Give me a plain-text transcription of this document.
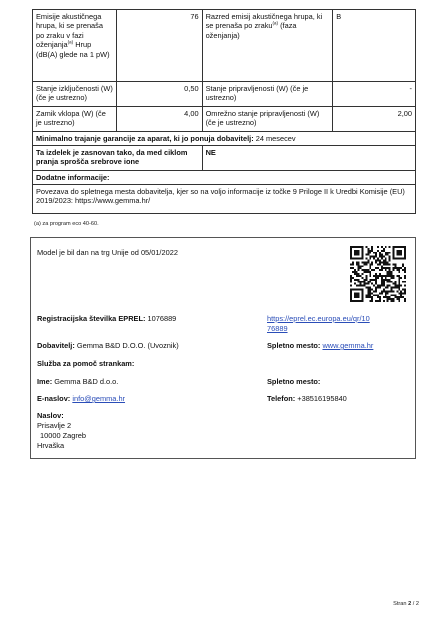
Emisije akustičnega hrupa, ki se prenaša po zraku v fazi oženjanja$^{(a)}$ Hrup (dB(A) glede na 1 pW)	76	Razred emisij akustičnega hrupa, ki se prenaša po zraku$^{(a)}$ (faza oženjanja)	B
Stanje izključenosti (W) (če je ustrezno)	0,50	Stanje pripravljenosti (W) (če je ustrezno)	-
Zamik vklopa (W) (če je ustrezno)	4,00	Omrežno stanje pripravljenosti (W) (če je ustrezno)	2,00
Minimalno trajanje garancije za aparat, ki jo ponuja dobavitelj: 24 mesecev			
Ta izdelek je zasnovan tako, da med ciklom pranja sprošča srebrove ione		NE	
Dodatne informacije:			
Povezava do spletnega mesta dobavitelja, kjer so na voljo informacije iz točke 9 Priloge II k Uredbi Komisije (EU) 2019/2023: https://www.gemma.hr/			
(a) za program eco 40-60.
Model je bil dan na trg Unije od 05/01/2022
Registracijska številka EPREL: 1076889	https://eprel.ec.europa.eu/qr/10
76889
Dobavitelj: Gemma B&D D.O.O. (Uvoznik)	Spletno mesto: www.gemma.hr
Služba za pomoč strankam:
Ime: Gemma B&D d.o.o.	Spletno mesto:
E-naslov: info@gemma.hr	Telefon: +38516195840
Naslov:
Prisavlje 2
10000 Zagreb
Hrvaška
Stran 2 / 2
